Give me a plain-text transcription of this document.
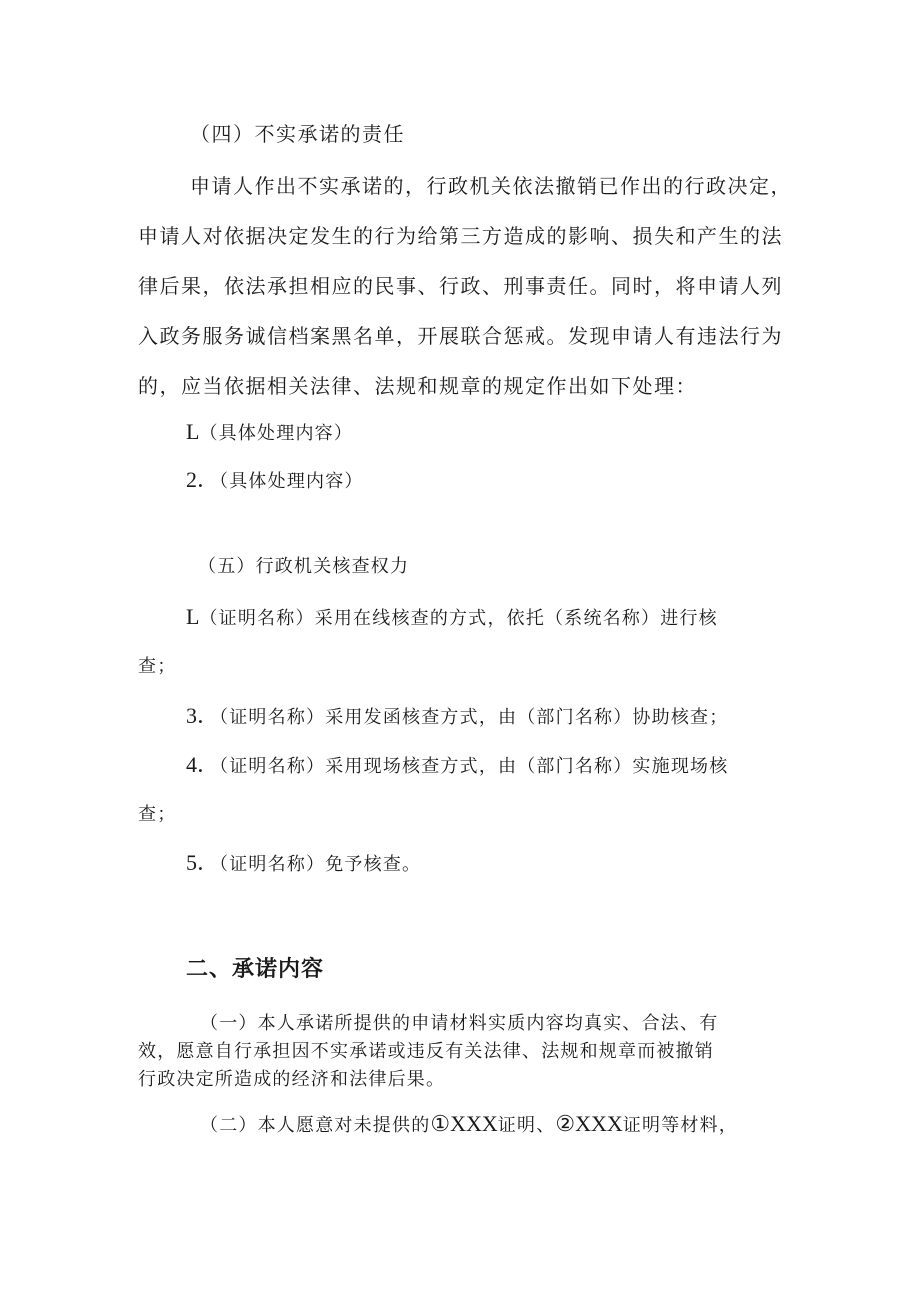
（四）不实承诺的责任
申请人作出不实承诺的，行政机关依法撤销已作出的行政决定，
申请人对依据决定发生的行为给第三方造成的影响、损失和产生的法
律后果，依法承担相应的民事、行政、刑事责任。同时，将申请人列
入政务服务诚信档案黑名单，开展联合惩戒。发现申请人有违法行为
的，应当依据相关法律、法规和规章的规定作出如下处理：
L（具体处理内容）
2．（具体处理内容）
（五）行政机关核查权力
L（证明名称）采用在线核查的方式，依托（系统名称）进行核
查；
3．（证明名称）采用发函核查方式，由（部门名称）协助核查；
4．（证明名称）采用现场核查方式，由（部门名称）实施现场核
查；
5．（证明名称）免予核查。
二、承诺内容
（一）本人承诺所提供的申请材料实质内容均真实、合法、有
效，愿意自行承担因不实承诺或违反有关法律、法规和规章而被撤销
行政决定所造成的经济和法律后果。
（二）本人愿意对未提供的①XXX证明、②XXX证明等材料，
